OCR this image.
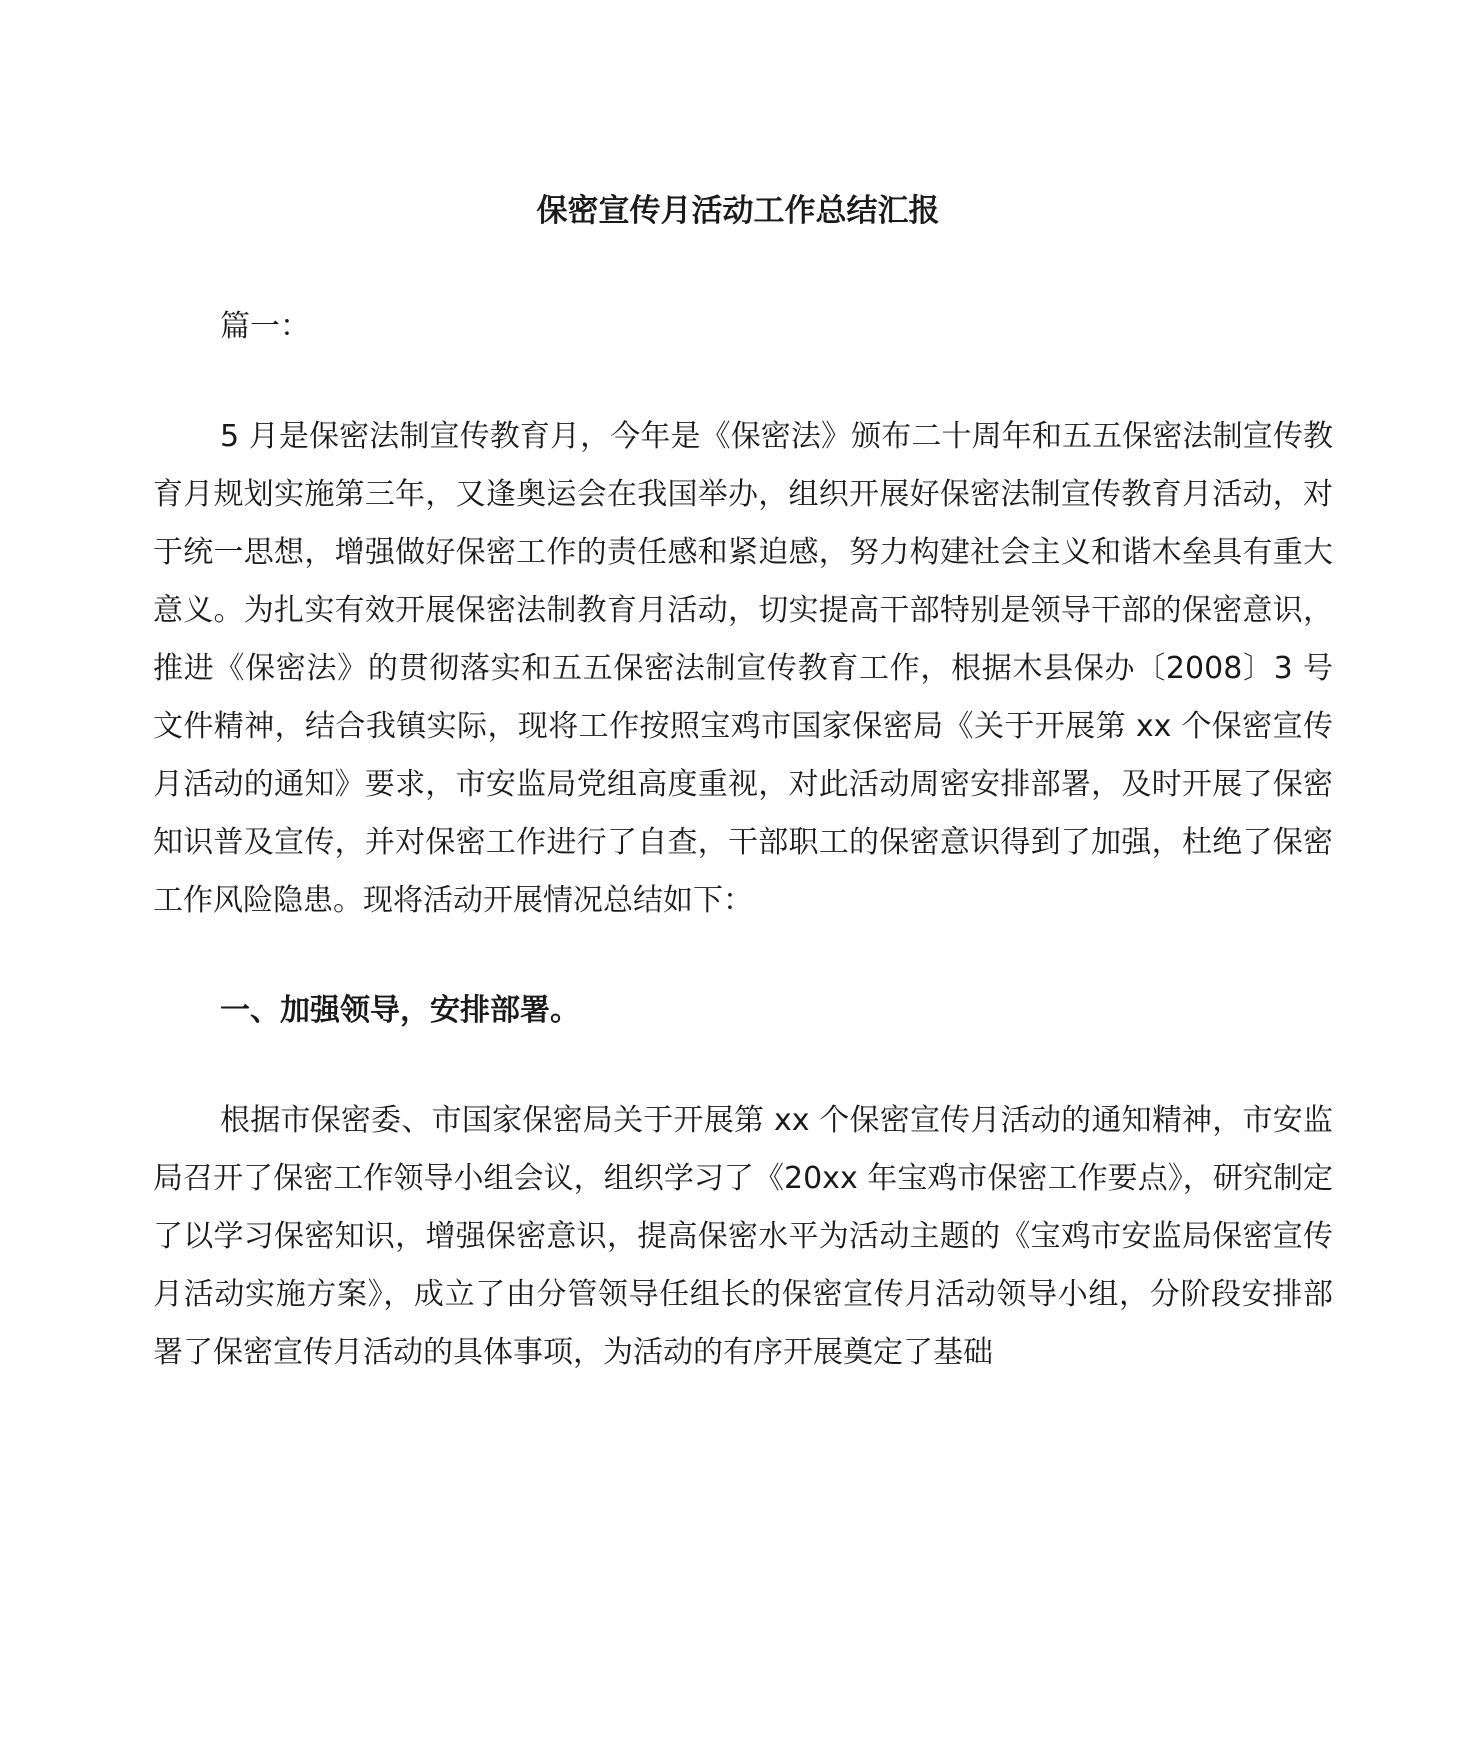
保密宣传月活动工作总结汇报

篇一：

5 月是保密法制宣传教育月，今年是《保密法》颁布二十周年和五五保密法制宣传教育月规划实施第三年，又逢奥运会在我国举办，组织开展好保密法制宣传教育月活动，对于统一思想，增强做好保密工作的责任感和紧迫感，努力构建社会主义和谐木垒具有重大意义。为扎实有效开展保密法制教育月活动，切实提高干部特别是领导干部的保密意识，推进《保密法》的贯彻落实和五五保密法制宣传教育工作，根据木县保办〔2008〕3 号文件精神，结合我镇实际，现将工作按照宝鸡市国家保密局《关于开展第 xx 个保密宣传月活动的通知》要求，市安监局党组高度重视，对此活动周密安排部署，及时开展了保密知识普及宣传，并对保密工作进行了自查，干部职工的保密意识得到了加强，杜绝了保密工作风险隐患。现将活动开展情况总结如下：

一、加强领导，安排部署。

根据市保密委、市国家保密局关于开展第 xx 个保密宣传月活动的通知精神，市安监局召开了保密工作领导小组会议，组织学习了《20xx 年宝鸡市保密工作要点》，研究制定了以学习保密知识，增强保密意识，提高保密水平为活动主题的《宝鸡市安监局保密宣传月活动实施方案》，成立了由分管领导任组长的保密宣传月活动领导小组，分阶段安排部署了保密宣传月活动的具体事项，为活动的有序开展奠定了基础
